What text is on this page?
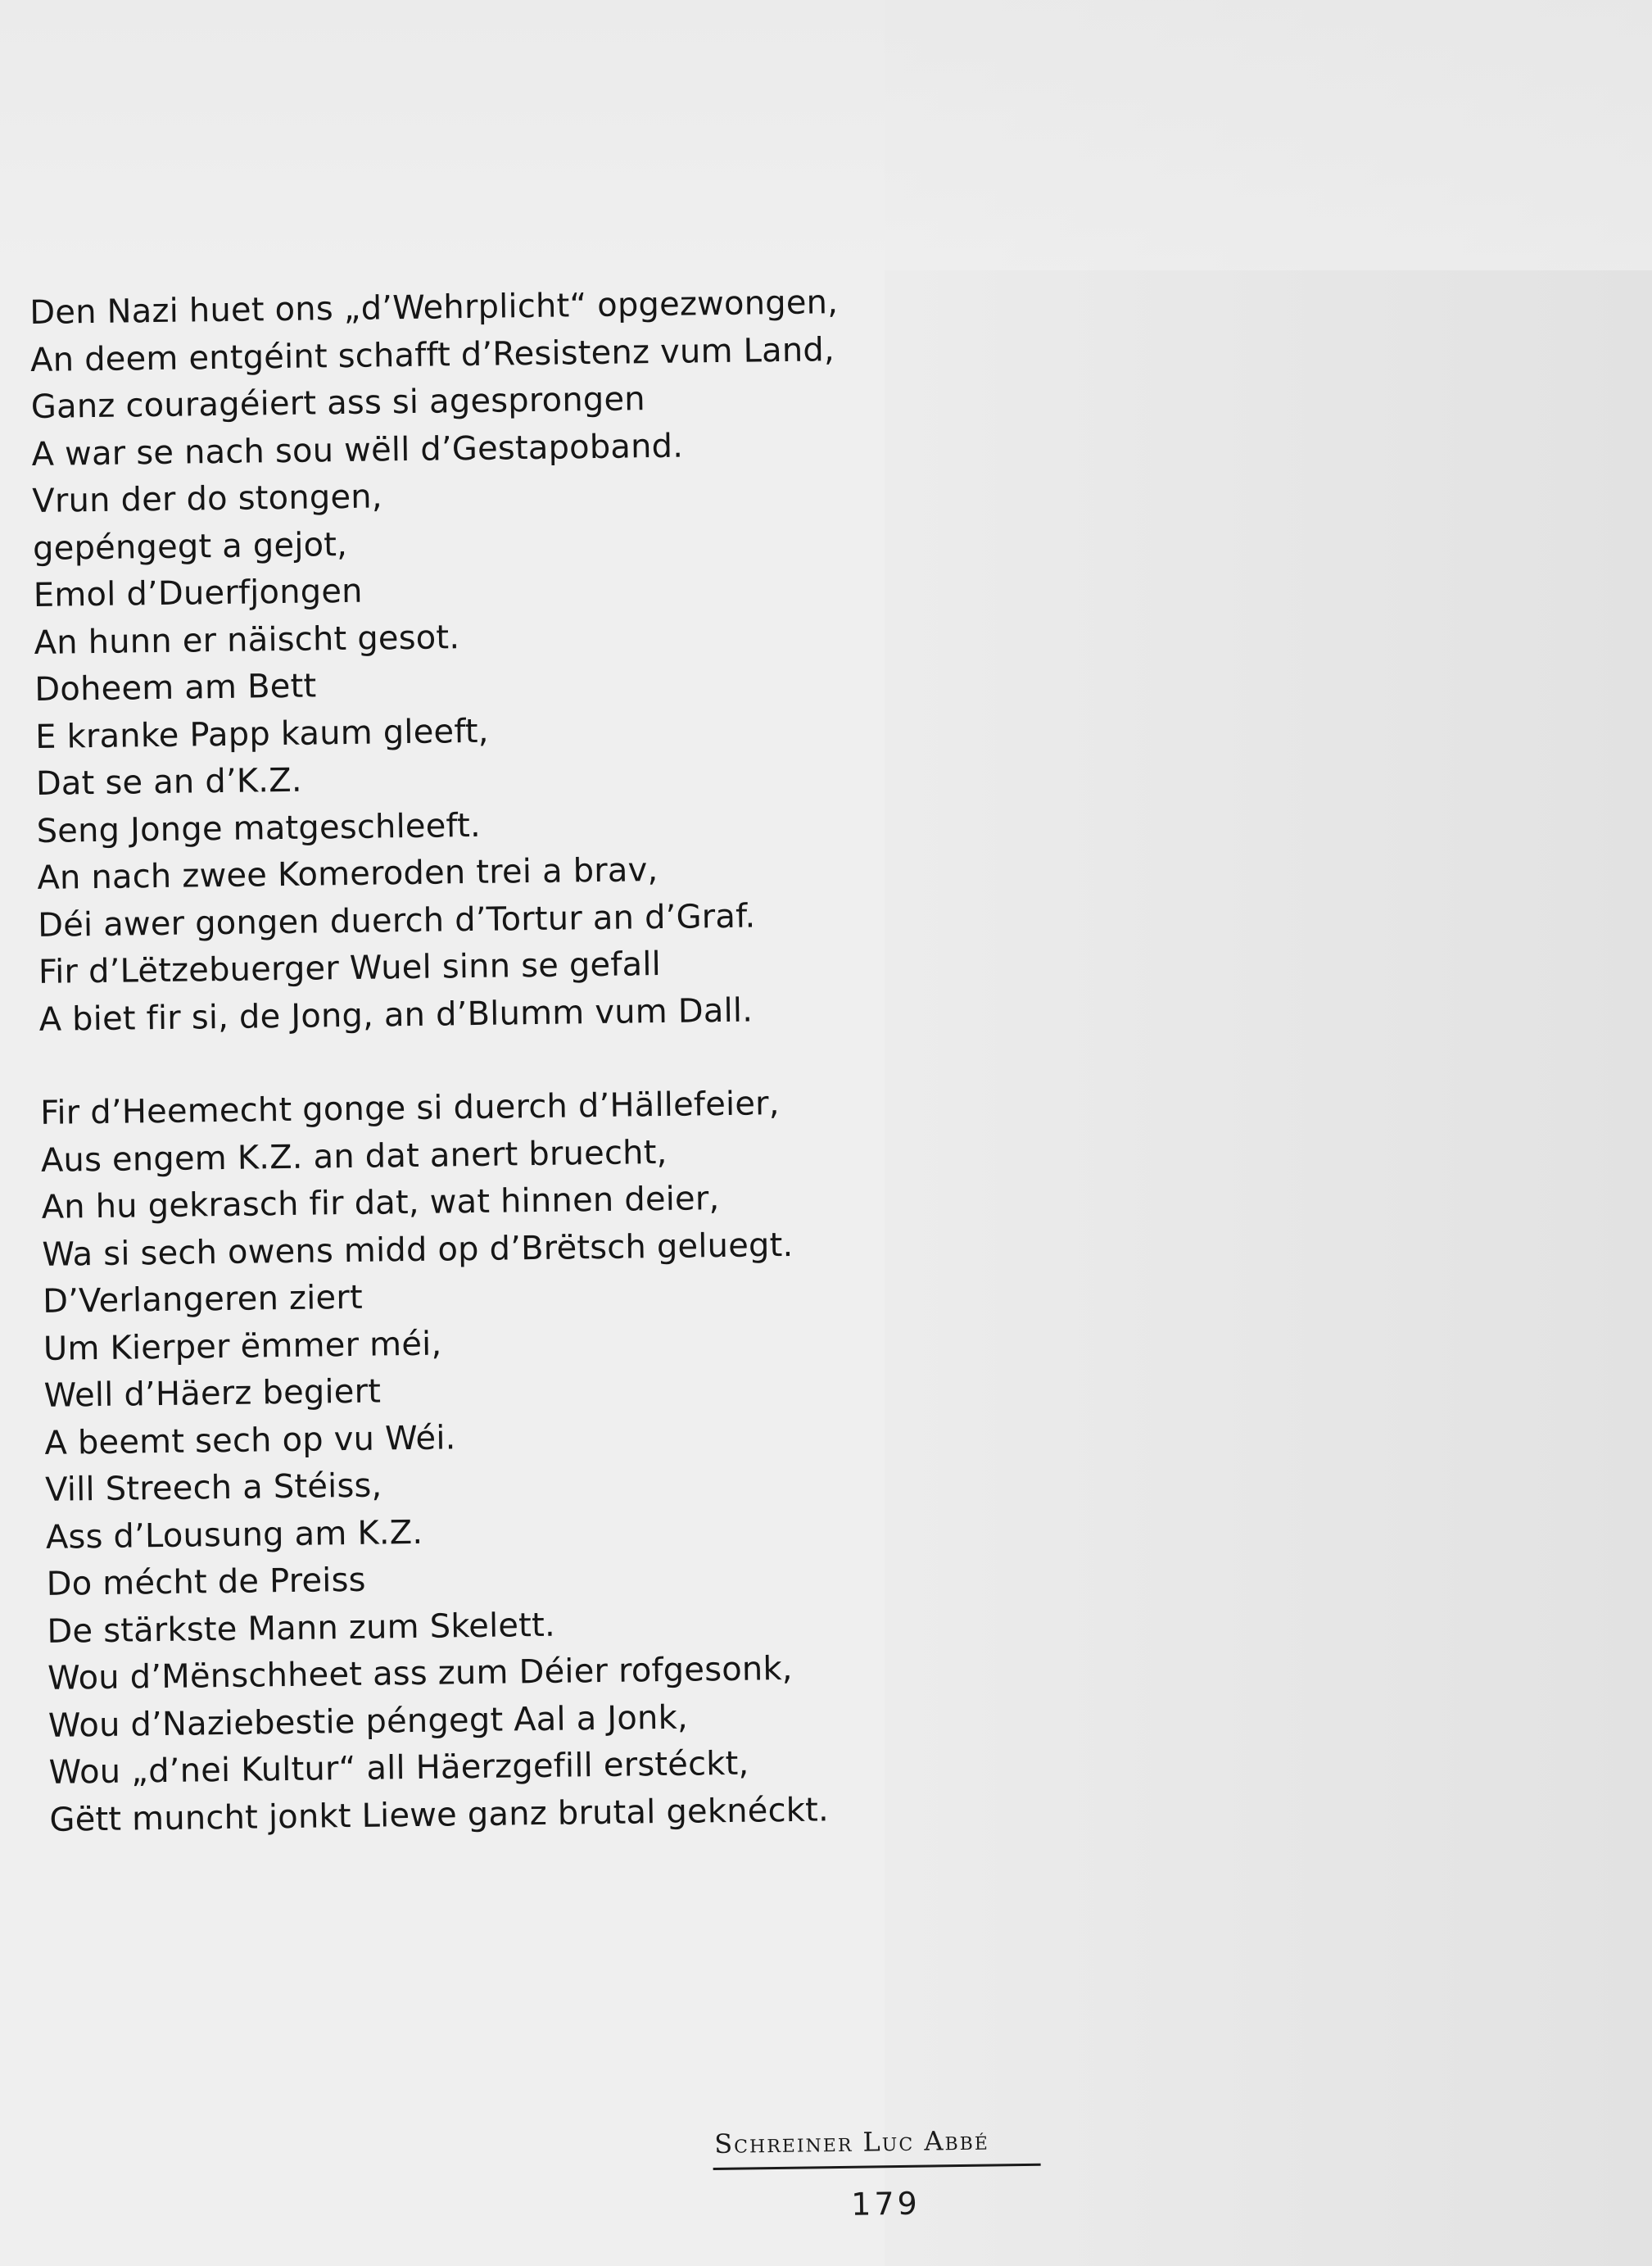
Den Nazi huet ons „d’Wehrplicht“ opgezwongen,
An deem entgéint schafft d’Resistenz vum Land,
Ganz couragéiert ass si agesprongen
A war se nach sou wëll d’Gestapoband.
Vrun der do stongen,
gepéngegt a gejot,
Emol d’Duerfjongen
An hunn er näischt gesot.
Doheem am Bett
E kranke Papp kaum gleeft,
Dat se an d’K.Z.
Seng Jonge matgeschleeft.
An nach zwee Komeroden trei a brav,
Déi awer gongen duerch d’Tortur an d’Graf.
Fir d’Lëtzebuerger Wuel sinn se gefall
A biet fir si, de Jong, an d’Blumm vum Dall.
Fir d’Heemecht gonge si duerch d’Hällefeier,
Aus engem K.Z. an dat anert bruecht,
An hu gekrasch fir dat, wat hinnen deier,
Wa si sech owens midd op d’Brëtsch geluegt.
D’Verlangeren ziert
Um Kierper ëmmer méi,
Well d’Häerz begiert
A beemt sech op vu Wéi.
Vill Streech a Stéiss,
Ass d’Lousung am K.Z.
Do mécht de Preiss
De stärkste Mann zum Skelett.
Wou d’Mënschheet ass zum Déier rofgesonk,
Wou d’Naziebestie péngegt Aal a Jonk,
Wou „d’nei Kultur“ all Häerzgefill erstéckt,
Gëtt muncht jonkt Liewe ganz brutal geknéckt.
Schreiner Luc Abbé
179
